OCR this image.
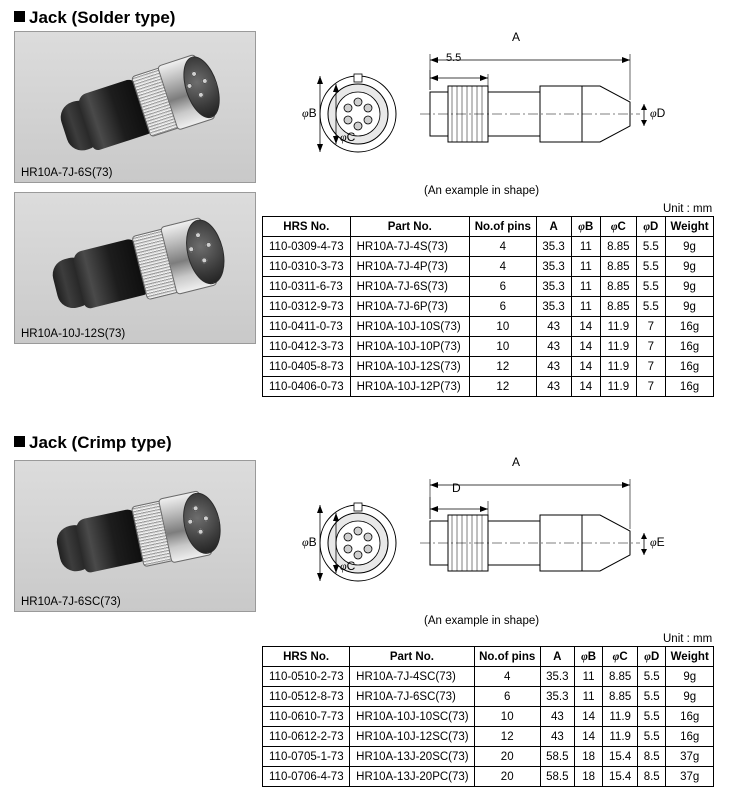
Jack (Solder type)
HR10A-7J-6S(73)
HR10A-10J-12S(73)
A
5.5
φB
φC
φD
(An example in shape)
Unit : mm
HRS No.	Part No.	No.of pins	A	φB	φC	φD	Weight
110-0309-4-73	HR10A-7J-4S(73)	4	35.3	11	8.85	5.5	9g
110-0310-3-73	HR10A-7J-4P(73)	4	35.3	11	8.85	5.5	9g
110-0311-6-73	HR10A-7J-6S(73)	6	35.3	11	8.85	5.5	9g
110-0312-9-73	HR10A-7J-6P(73)	6	35.3	11	8.85	5.5	9g
110-0411-0-73	HR10A-10J-10S(73)	10	43	14	11.9	7	16g
110-0412-3-73	HR10A-10J-10P(73)	10	43	14	11.9	7	16g
110-0405-8-73	HR10A-10J-12S(73)	12	43	14	11.9	7	16g
110-0406-0-73	HR10A-10J-12P(73)	12	43	14	11.9	7	16g
Jack (Crimp type)
HR10A-7J-6SC(73)
A
D
φB
φC
φE
(An example in shape)
Unit : mm
HRS No.	Part No.	No.of pins	A	φB	φC	φD	Weight
110-0510-2-73	HR10A-7J-4SC(73)	4	35.3	11	8.85	5.5	9g
110-0512-8-73	HR10A-7J-6SC(73)	6	35.3	11	8.85	5.5	9g
110-0610-7-73	HR10A-10J-10SC(73)	10	43	14	11.9	5.5	16g
110-0612-2-73	HR10A-10J-12SC(73)	12	43	14	11.9	5.5	16g
110-0705-1-73	HR10A-13J-20SC(73)	20	58.5	18	15.4	8.5	37g
110-0706-4-73	HR10A-13J-20PC(73)	20	58.5	18	15.4	8.5	37g
